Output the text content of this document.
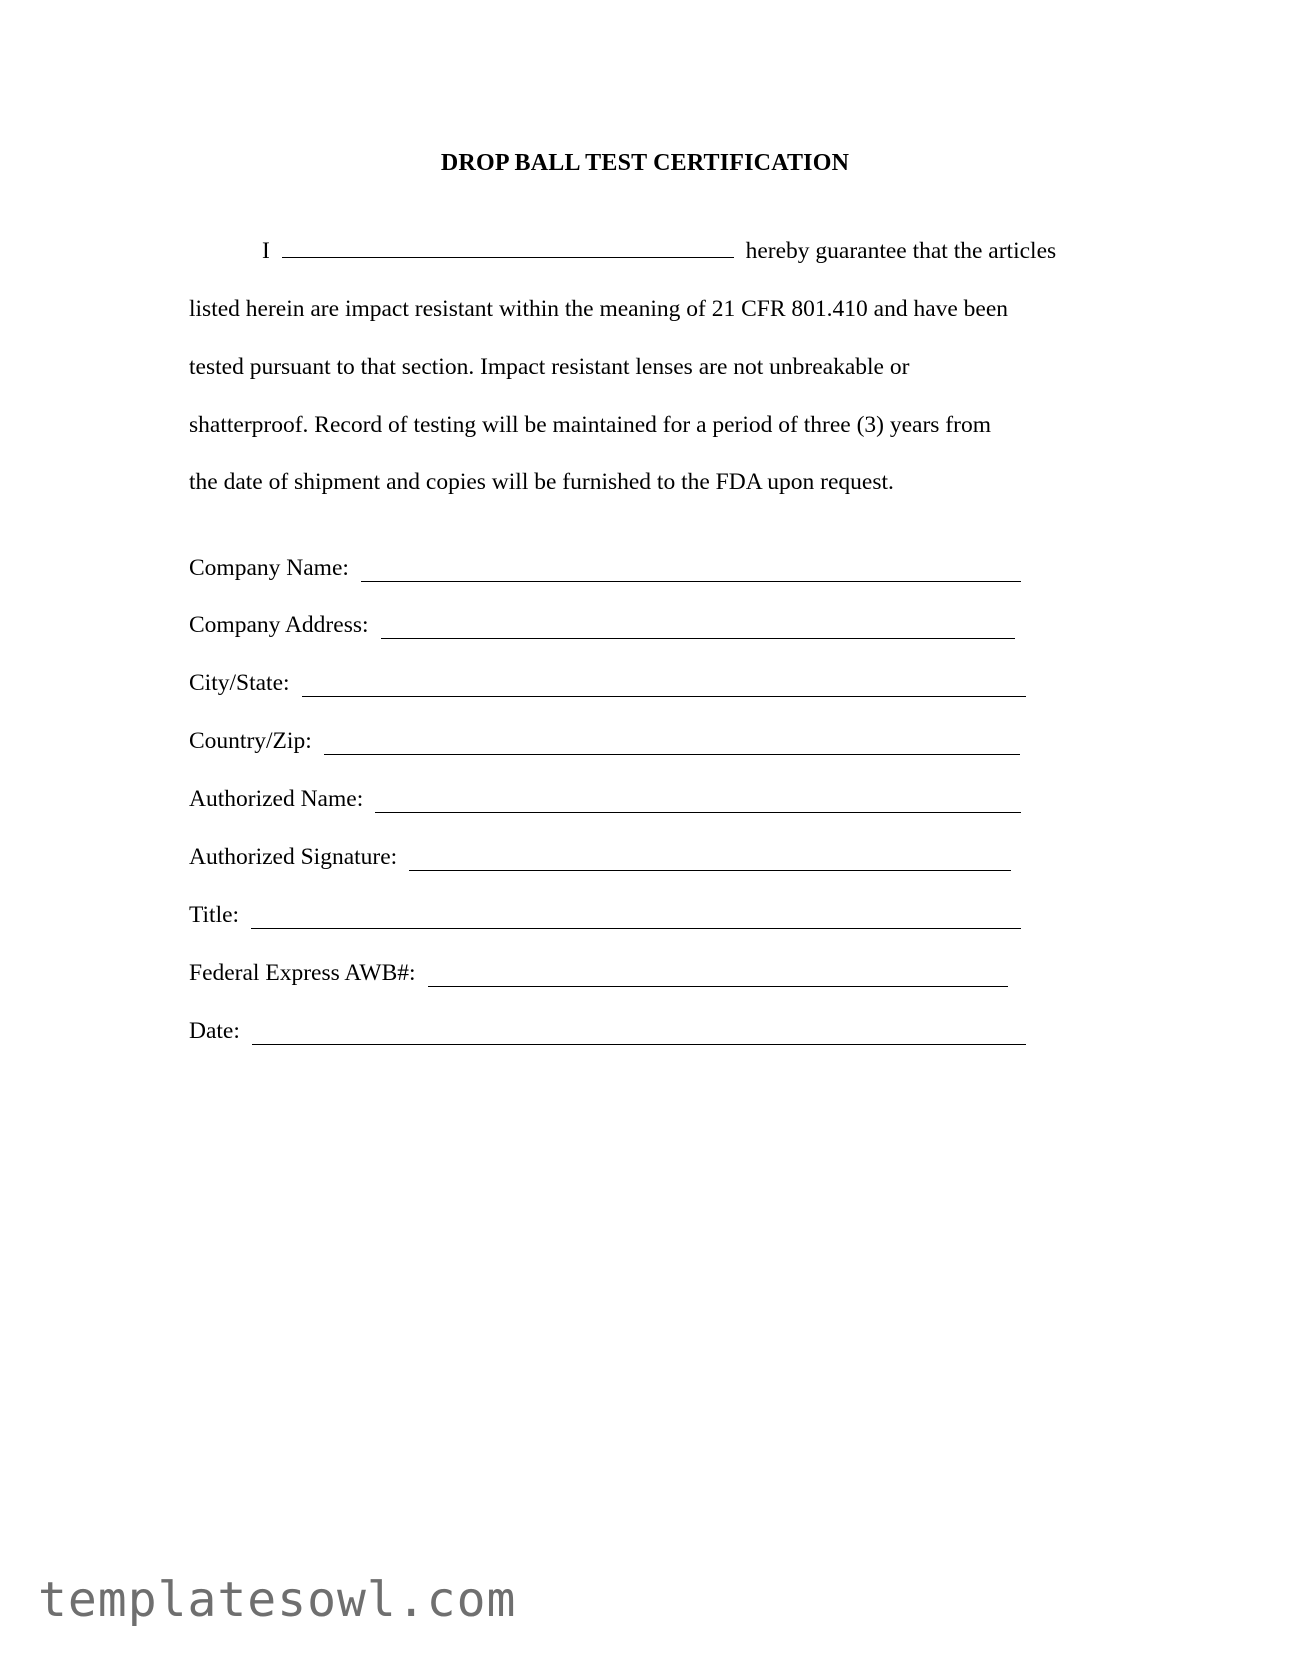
DROP BALL TEST CERTIFICATION
I	hereby guarantee that the articles
listed herein are impact resistant within the meaning of 21 CFR 801.410 and have been
tested pursuant to that section. Impact resistant lenses are not unbreakable or
shatterproof. Record of testing will be maintained for a period of three (3) years from
the date of shipment and copies will be furnished to the FDA upon request.
Company Name:
Company Address:
City/State:
Country/Zip:
Authorized Name:
Authorized Signature:
Title:
Federal Express AWB#:
Date:
templatesowl.com
